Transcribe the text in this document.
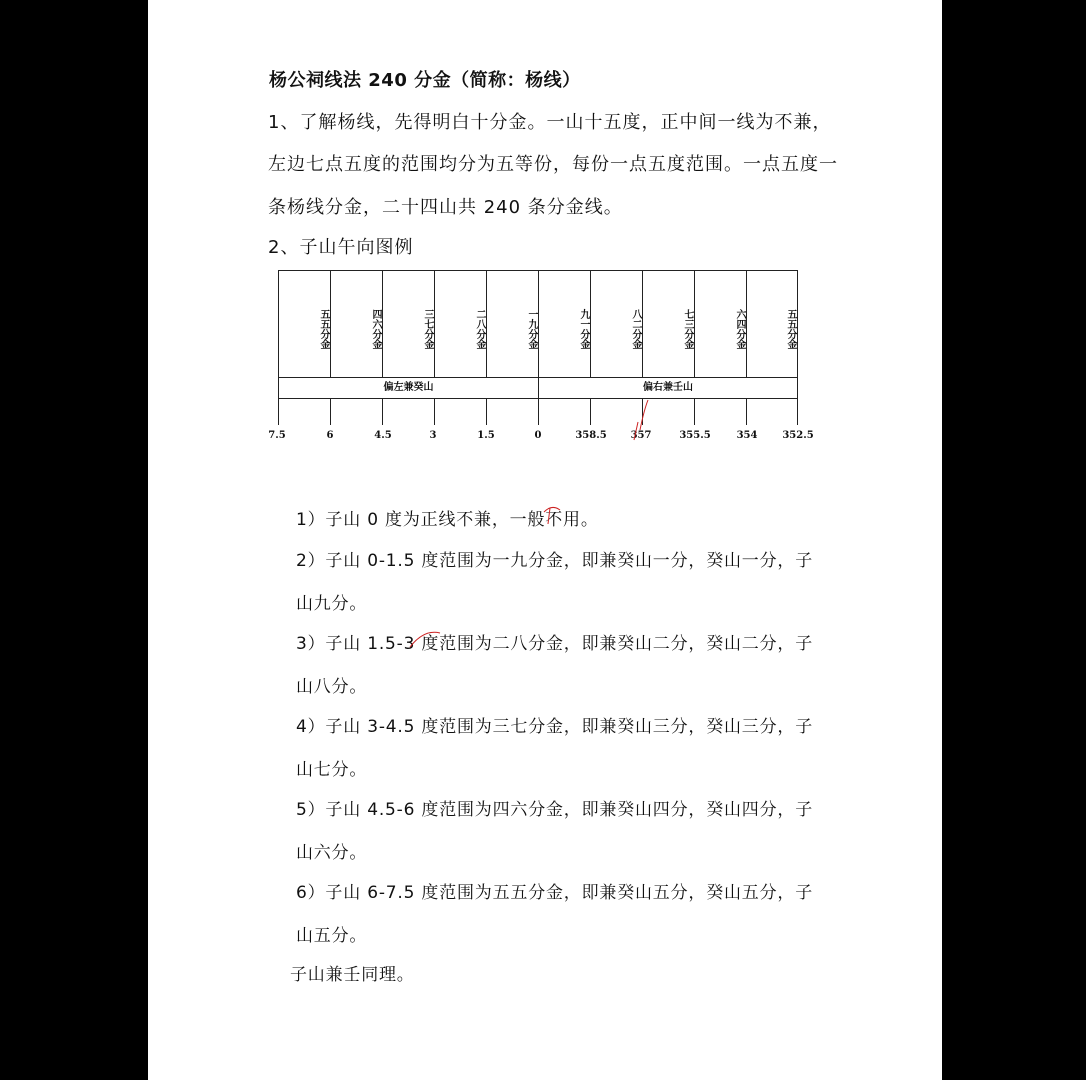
杨公祠线法 240 分金（简称：杨线）
1、了解杨线，先得明白十分金。一山十五度，正中间一线为不兼，
左边七点五度的范围均分为五等份，每份一点五度范围。一点五度一
条杨线分金，二十四山共 240 条分金线。
2、子山午向图例
五五分金	四六分金	三七分金	二八分金	一九分金	九一分金	八二分金	七三分金	六四分金	五五分金
偏左兼癸山	偏右兼壬山
7.5	6	4.5	3	1.5	0	358.5 357	355.5	354 352.5
1）子山 0 度为正线不兼，一般不用。
2）子山 0-1.5 度范围为一九分金，即兼癸山一分，癸山一分，子
山九分。
3）子山 1.5-3 度范围为二八分金，即兼癸山二分，癸山二分，子
山八分。
4）子山 3-4.5 度范围为三七分金，即兼癸山三分，癸山三分，子
山七分。
5）子山 4.5-6 度范围为四六分金，即兼癸山四分，癸山四分，子
山六分。
6）子山 6-7.5 度范围为五五分金，即兼癸山五分，癸山五分，子
山五分。
子山兼壬同理。
